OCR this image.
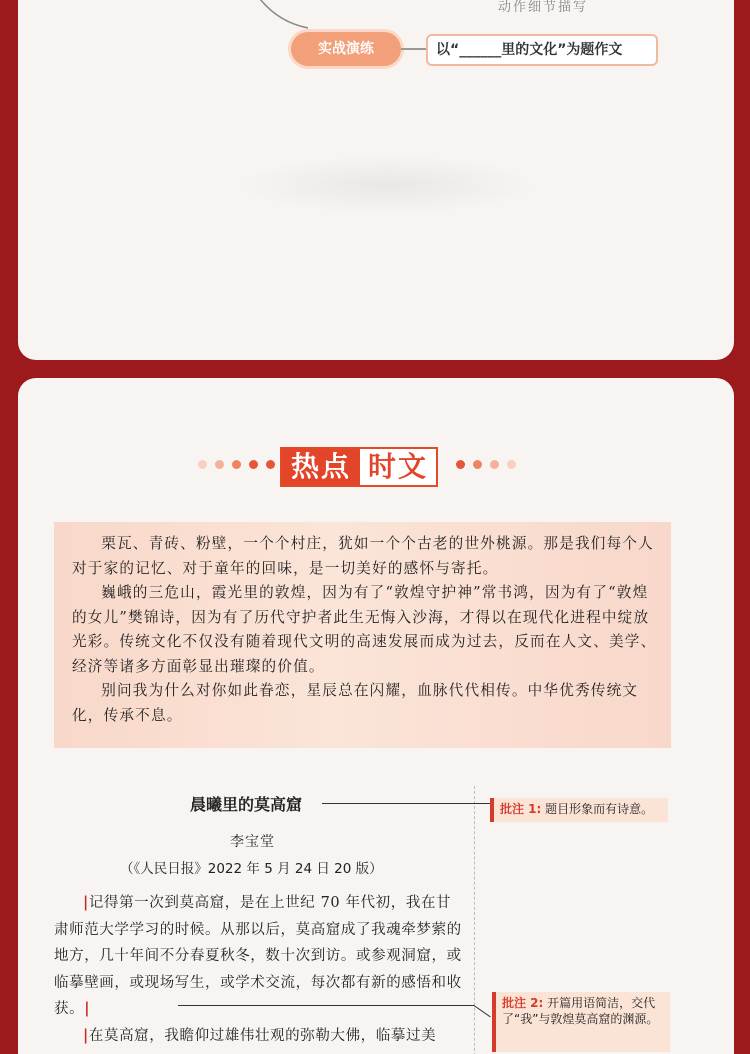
动作细节描写
实战演练	以“______里的文化”为题作文
热点 时文

栗瓦、青砖、粉壁，一个个村庄，犹如一个个古老的世外桃源。那是我们每个人对于家的记忆、对于童年的回味，是一切美好的感怀与寄托。

巍峨的三危山，霞光里的敦煌，因为有了“敦煌守护神”常书鸿，因为有了“敦煌的女儿”樊锦诗，因为有了历代守护者此生无悔入沙海，才得以在现代化进程中绽放光彩。传统文化不仅没有随着现代文明的高速发展而成为过去，反而在人文、美学、经济等诸多方面彰显出璀璨的价值。

别问我为什么对你如此眷恋，星辰总在闪耀，血脉代代相传。中华优秀传统文化，传承不息。

晨曦里的莫高窟
李宝堂
（《人民日报》2022 年 5 月 24 日 20 版）

|记得第一次到莫高窟，是在上世纪 70 年代初，我在甘肃师范大学学习的时候。从那以后，莫高窟成了我魂牵梦萦的地方，几十年间不分春夏秋冬，数十次到访。或参观洞窟，或临摹壁画，或现场写生，或学术交流，每次都有新的感悟和收获。|

|在莫高窟，我瞻仰过雄伟壮观的弥勒大佛，临摹过美

批注 1: 题目形象而有诗意。
批注 2: 开篇用语简洁，交代了“我”与敦煌莫高窟的渊源。
